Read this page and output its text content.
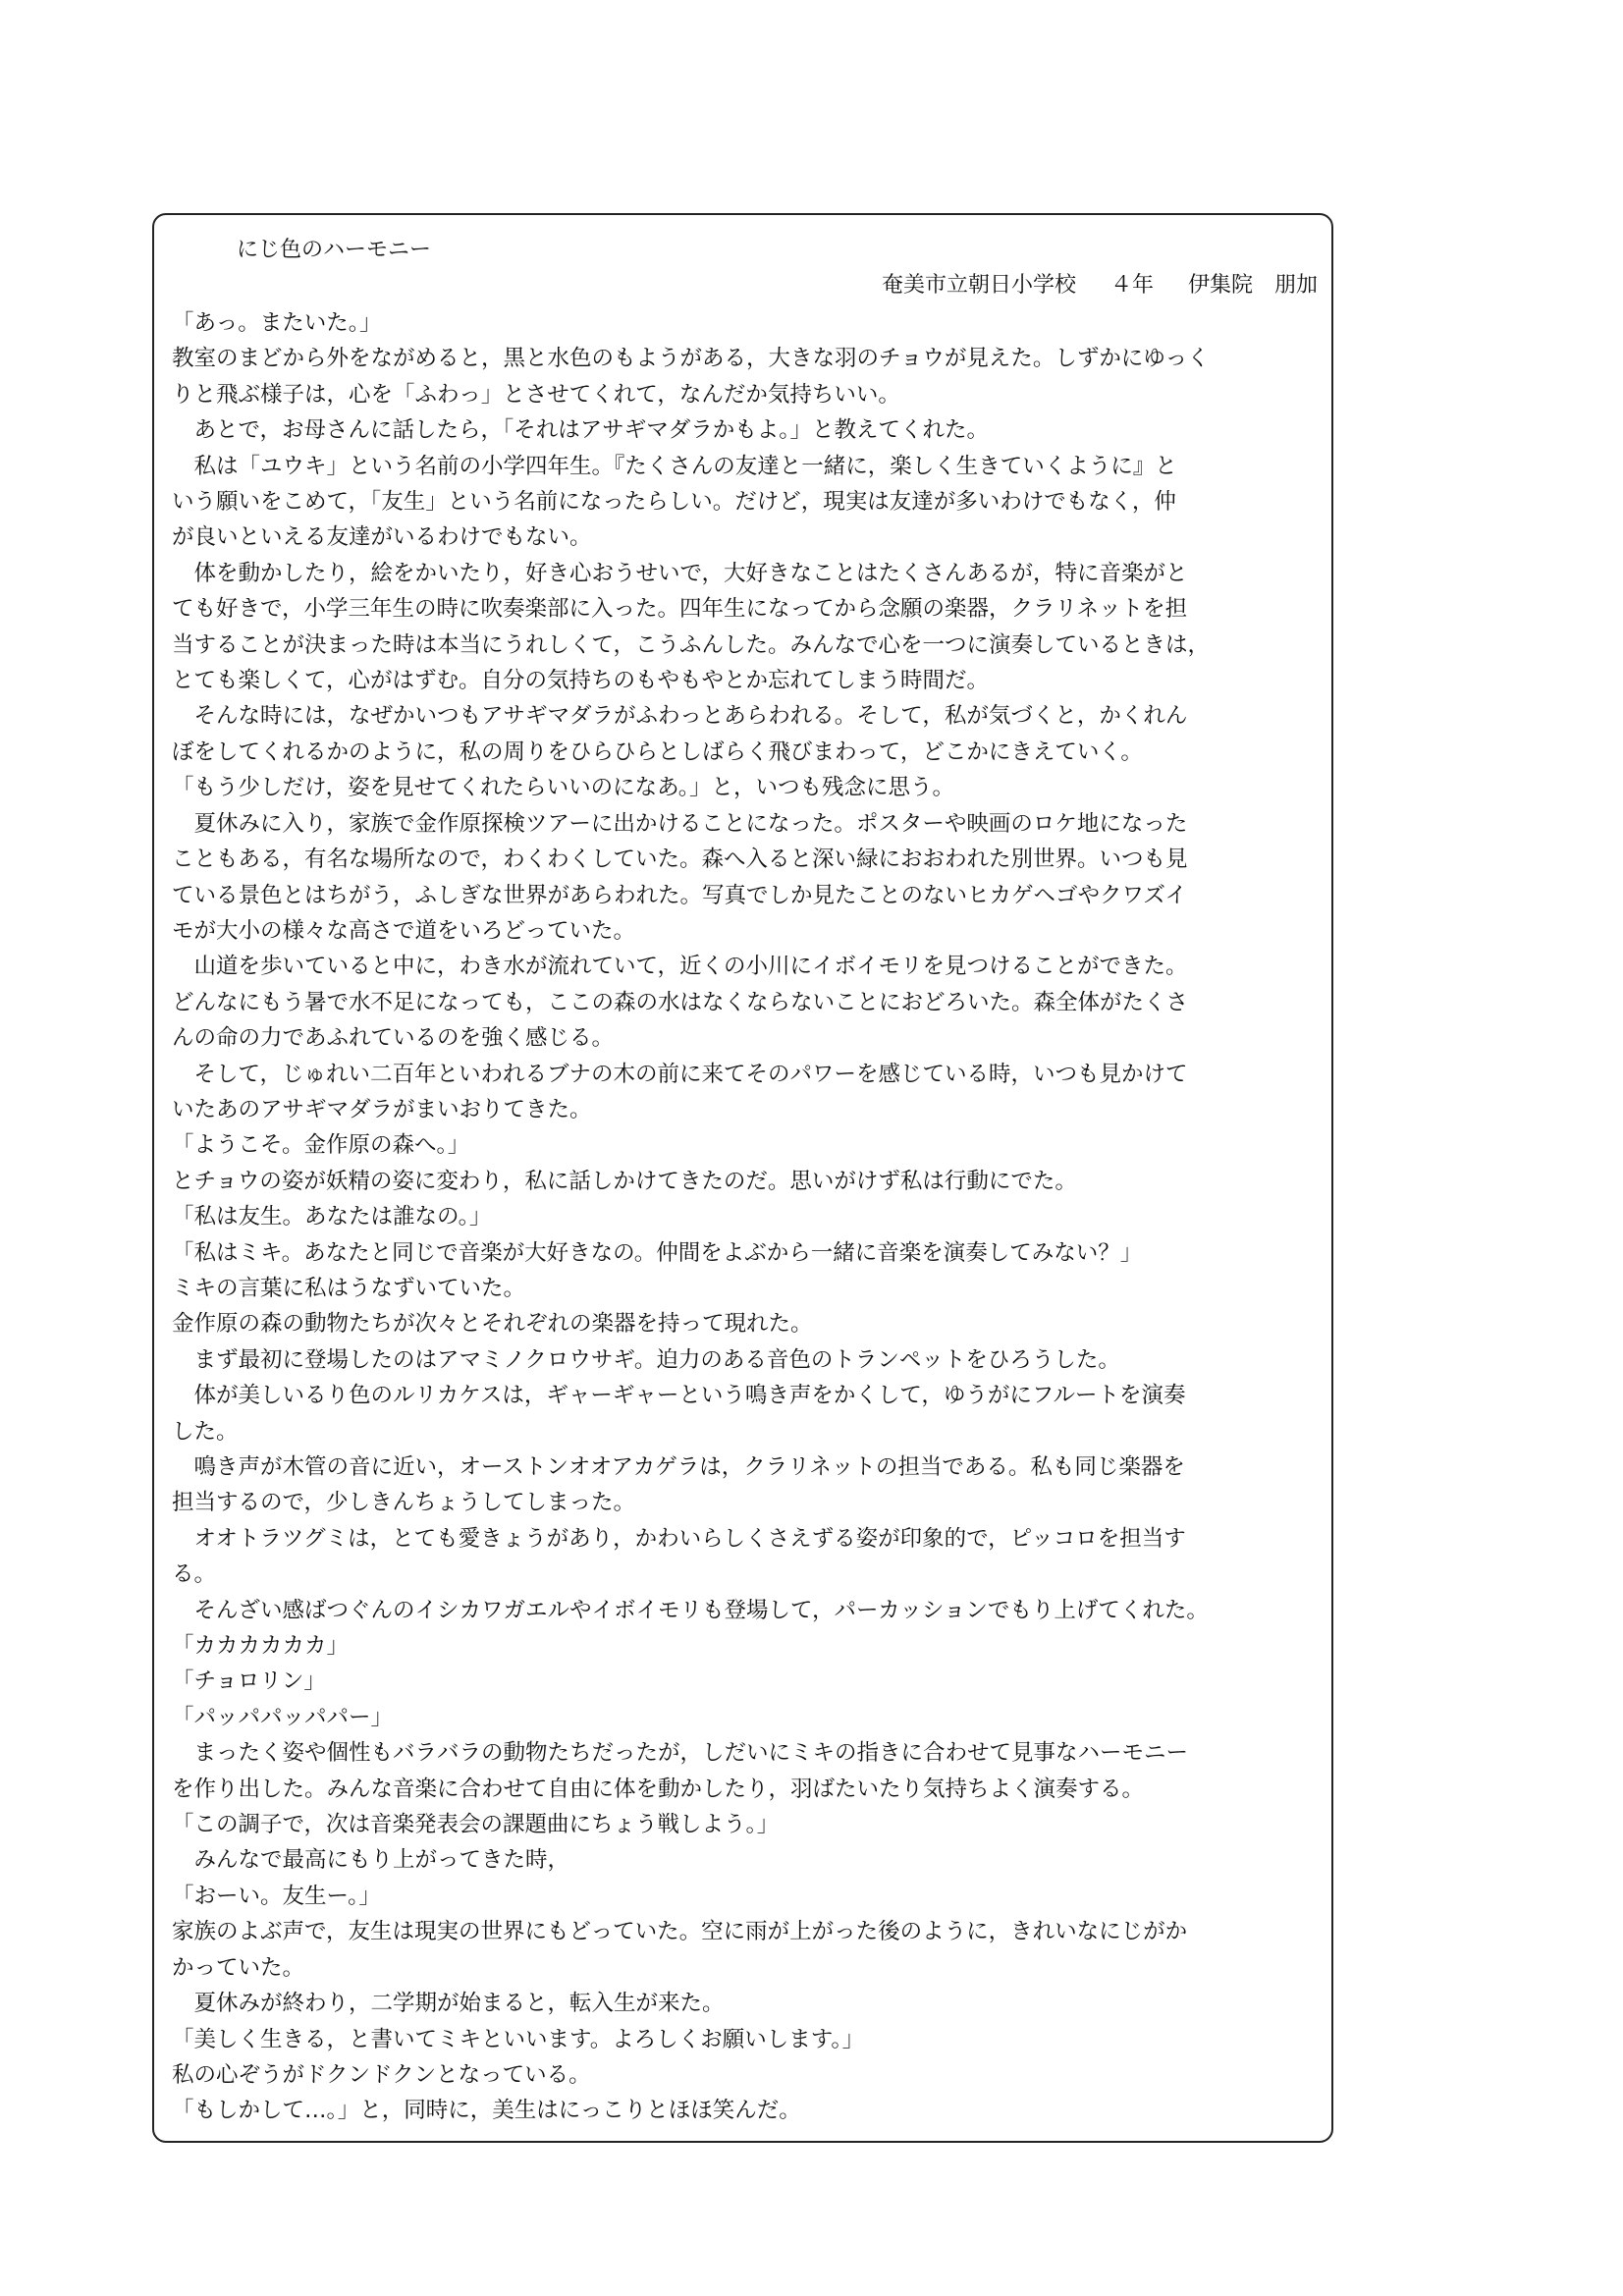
にじ色のハーモニー
奄美市立朝日小学校 ４年 伊集院　朋加
「あっ。またいた。」
教室のまどから外をながめると，黒と水色のもようがある，大きな羽のチョウが見えた。しずかにゆっく
りと飛ぶ様子は，心を「ふわっ」とさせてくれて，なんだか気持ちいい。
　あとで，お母さんに話したら，「それはアサギマダラかもよ。」と教えてくれた。
　私は「ユウキ」という名前の小学四年生。『たくさんの友達と一緒に，楽しく生きていくように』と
いう願いをこめて，「友生」という名前になったらしい。だけど，現実は友達が多いわけでもなく，仲
が良いといえる友達がいるわけでもない。
　体を動かしたり，絵をかいたり，好き心おうせいで，大好きなことはたくさんあるが，特に音楽がと
ても好きで，小学三年生の時に吹奏楽部に入った。四年生になってから念願の楽器，クラリネットを担
当することが決まった時は本当にうれしくて，こうふんした。みんなで心を一つに演奏しているときは，
とても楽しくて，心がはずむ。自分の気持ちのもやもやとか忘れてしまう時間だ。
　そんな時には，なぜかいつもアサギマダラがふわっとあらわれる。そして，私が気づくと，かくれん
ぼをしてくれるかのように，私の周りをひらひらとしばらく飛びまわって，どこかにきえていく。
「もう少しだけ，姿を見せてくれたらいいのになあ。」と，いつも残念に思う。
　夏休みに入り，家族で金作原探検ツアーに出かけることになった。ポスターや映画のロケ地になった
こともある，有名な場所なので，わくわくしていた。森へ入ると深い緑におおわれた別世界。いつも見
ている景色とはちがう，ふしぎな世界があらわれた。写真でしか見たことのないヒカゲヘゴやクワズイ
モが大小の様々な高さで道をいろどっていた。
　山道を歩いていると中に，わき水が流れていて，近くの小川にイボイモリを見つけることができた。
どんなにもう暑で水不足になっても，ここの森の水はなくならないことにおどろいた。森全体がたくさ
んの命の力であふれているのを強く感じる。
　そして，じゅれい二百年といわれるブナの木の前に来てそのパワーを感じている時，いつも見かけて
いたあのアサギマダラがまいおりてきた。
「ようこそ。金作原の森へ。」
とチョウの姿が妖精の姿に変わり，私に話しかけてきたのだ。思いがけず私は行動にでた。
「私は友生。あなたは誰なの。」
「私はミキ。あなたと同じで音楽が大好きなの。仲間をよぶから一緒に音楽を演奏してみない？」
ミキの言葉に私はうなずいていた。
金作原の森の動物たちが次々とそれぞれの楽器を持って現れた。
　まず最初に登場したのはアマミノクロウサギ。迫力のある音色のトランペットをひろうした。
　体が美しいるり色のルリカケスは，ギャーギャーという鳴き声をかくして，ゆうがにフルートを演奏
した。
　鳴き声が木管の音に近い，オーストンオオアカゲラは，クラリネットの担当である。私も同じ楽器を
担当するので，少しきんちょうしてしまった。
　オオトラツグミは，とても愛きょうがあり，かわいらしくさえずる姿が印象的で，ピッコロを担当す
る。
　そんざい感ばつぐんのイシカワガエルやイボイモリも登場して，パーカッションでもり上げてくれた。
「カカカカカカ」
「チョロリン」
「パッパパッパパー」
　まったく姿や個性もバラバラの動物たちだったが，しだいにミキの指きに合わせて見事なハーモニー
を作り出した。みんな音楽に合わせて自由に体を動かしたり，羽ばたいたり気持ちよく演奏する。
「この調子で，次は音楽発表会の課題曲にちょう戦しよう。」
　みんなで最高にもり上がってきた時，
「おーい。友生ー。」
家族のよぶ声で，友生は現実の世界にもどっていた。空に雨が上がった後のように，きれいなにじがか
かっていた。
　夏休みが終わり，二学期が始まると，転入生が来た。
「美しく生きる，と書いてミキといいます。よろしくお願いします。」
私の心ぞうがドクンドクンとなっている。
「もしかして…。」と，同時に，美生はにっこりとほほ笑んだ。
